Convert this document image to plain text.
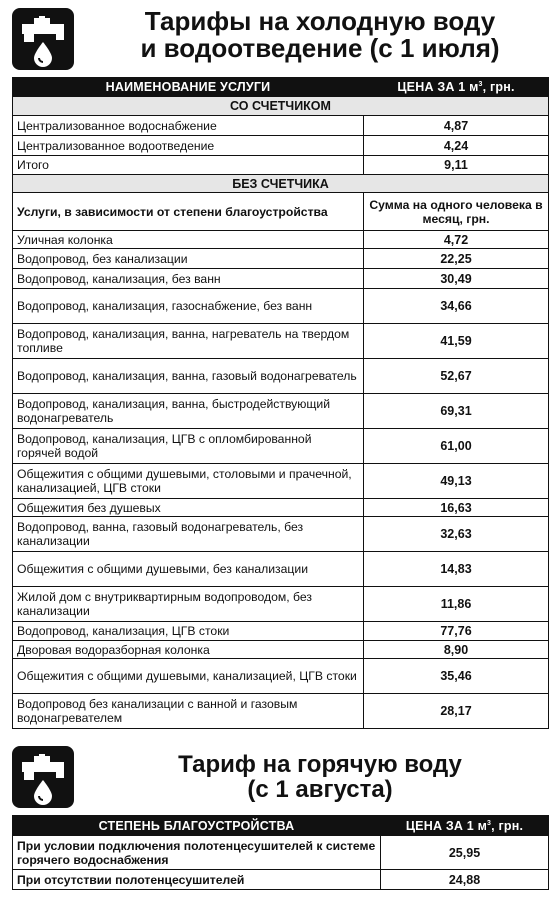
Тарифы на холодную воду
и водоотведение (с 1 июля)
НАИМЕНОВАНИЕ УСЛУГИ	ЦЕНА ЗА 1 $м^3$, грн.
СО СЧЕТЧИКОМ	
Централизованное водоснабжение	4,87
Централизованное водоотведение	4,24
Итого	9,11
БЕЗ СЧЕТЧИКА	
Услуги, в зависимости от степени благоустройства	Сумма на одного человека в месяц, грн.
Уличная колонка	4,72
Водопровод, без канализации	22,25
Водопровод, канализация, без ванн	30,49
Водопровод, канализация, газоснабжение, без ванн	34,66
Водопровод, канализация, ванна, нагреватель на твердом топливе	41,59
Водопровод, канализация, ванна, газовый водонагреватель	52,67
Водопровод, канализация, ванна, быстродействующий водонагреватель	69,31
Водопровод, канализация, ЦГВ с опломбированной горячей водой	61,00
Общежития с общими душевыми, столовыми и прачечной, канализацией, ЦГВ стоки	49,13
Общежития без душевых	16,63
Водопровод, ванна, газовый водонагреватель, без канализации	32,63
Общежития с общими душевыми, без канализации	14,83
Жилой дом с внутриквартирным водопроводом, без канализации	11,86
Водопровод, канализация, ЦГВ стоки	77,76
Дворовая водоразборная колонка	8,90
Общежития с общими душевыми, канализацией, ЦГВ стоки	35,46
Водопровод без канализации с ванной и газовым водонагревателем	28,17
Тариф на горячую воду
(с 1 августа)
СТЕПЕНЬ БЛАГОУСТРОЙСТВА	ЦЕНА ЗА 1 $м^3$, грн.
При условии подключения полотенцесушителей к системе горячего водоснабжения	25,95
При отсутствии полотенцесушителей	24,88
